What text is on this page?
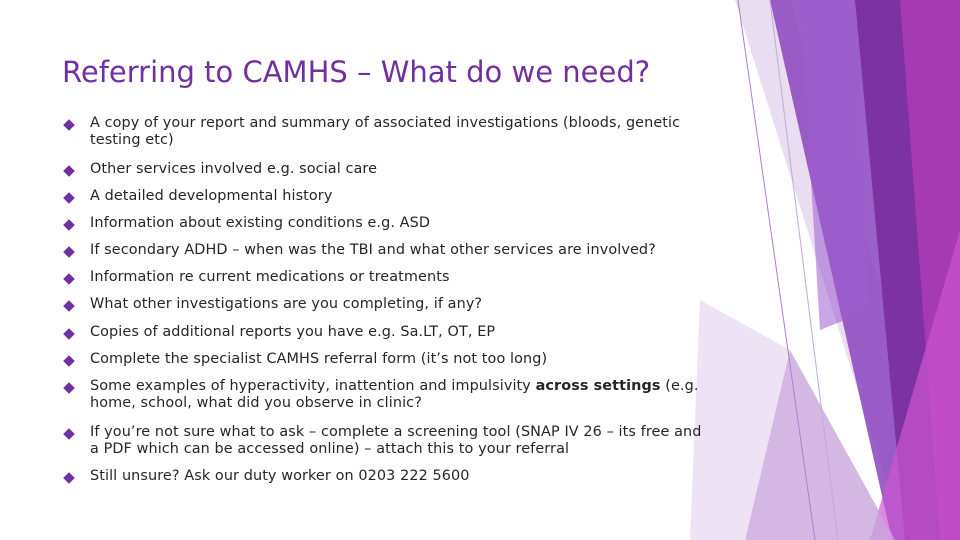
Referring to CAMHS – What do we need?
A copy of your report and summary of associated investigations (bloods, genetic testing etc)
Other services involved e.g. social care
A detailed developmental history
Information about existing conditions e.g. ASD
If secondary ADHD – when was the TBI and what other services are involved?
Information re current medications or treatments
What other investigations are you completing, if any?
Copies of additional reports you have e.g. Sa.LT, OT, EP
Complete the specialist CAMHS referral form (it’s not too long)
Some examples of hyperactivity, inattention and impulsivity across settings (e.g. home, school, what did you observe in clinic?
If you’re not sure what to ask – complete a screening tool (SNAP IV 26 – its free and a PDF which can be accessed online) – attach this to your referral
Still unsure? Ask our duty worker on 0203 222 5600
